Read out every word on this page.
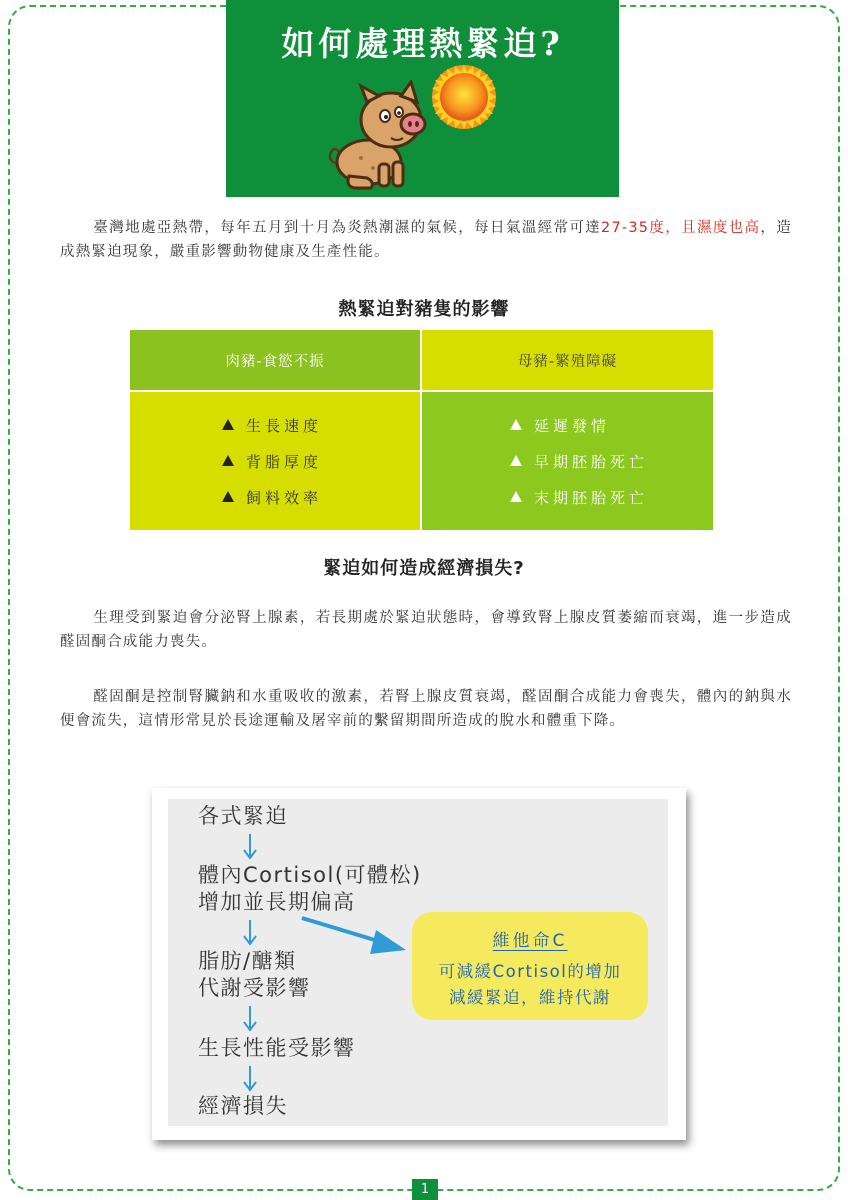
如何處理熱緊迫?
臺灣地處亞熱帶，每年五月到十月為炎熱潮濕的氣候，每日氣溫經常可達27-35度，且濕度也高，造成熱緊迫現象，嚴重影響動物健康及生產性能。
熱緊迫對豬隻的影響
肉豬-食慾不振	母豬-繁殖障礙
生長速度
背脂厚度
飼料效率
延遲發情
早期胚胎死亡
末期胚胎死亡
緊迫如何造成經濟損失?
生理受到緊迫會分泌腎上腺素，若長期處於緊迫狀態時，會導致腎上腺皮質萎縮而衰竭，進一步造成醛固酮合成能力喪失。
醛固酮是控制腎臟鈉和水重吸收的激素，若腎上腺皮質衰竭，醛固酮合成能力會喪失，體內的鈉與水便會流失，這情形常見於長途運輸及屠宰前的繫留期間所造成的脫水和體重下降。
各式緊迫
體內Cortisol(可體松)
增加並長期偏高
脂肪/醣類
代謝受影響
生長性能受影響
經濟損失
維他命C
可減緩Cortisol的增加
減緩緊迫，維持代謝
1
